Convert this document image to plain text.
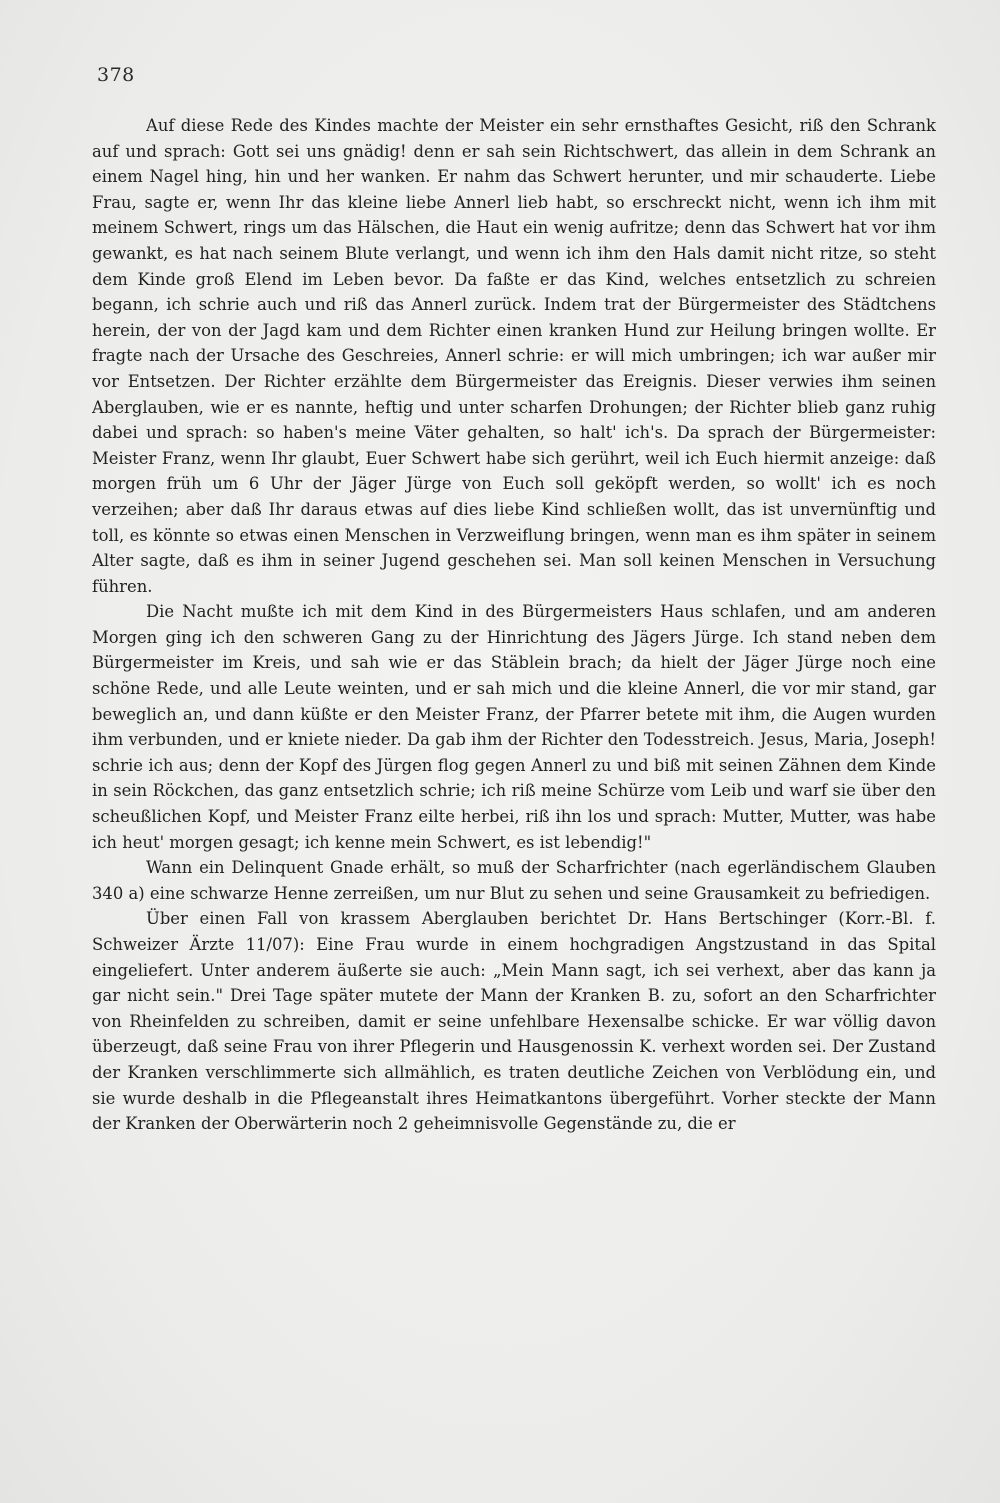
378

Auf diese Rede des Kindes machte der Meister ein sehr ernsthaftes Gesicht, riß den Schrank auf und sprach: Gott sei uns gnädig! denn er sah sein Richtschwert, das allein in dem Schrank an einem Nagel hing, hin und her wanken. Er nahm das Schwert herunter, und mir schauderte. Liebe Frau, sagte er, wenn Ihr das kleine liebe Annerl lieb habt, so erschreckt nicht, wenn ich ihm mit meinem Schwert, rings um das Hälschen, die Haut ein wenig aufritze; denn das Schwert hat vor ihm gewankt, es hat nach seinem Blute verlangt, und wenn ich ihm den Hals damit nicht ritze, so steht dem Kinde groß Elend im Leben bevor. Da faßte er das Kind, welches entsetzlich zu schreien begann, ich schrie auch und riß das Annerl zurück. Indem trat der Bürgermeister des Städtchens herein, der von der Jagd kam und dem Richter einen kranken Hund zur Heilung bringen wollte. Er fragte nach der Ursache des Geschreies, Annerl schrie: er will mich umbringen; ich war außer mir vor Entsetzen. Der Richter erzählte dem Bürgermeister das Ereignis. Dieser verwies ihm seinen Aberglauben, wie er es nannte, heftig und unter scharfen Drohungen; der Richter blieb ganz ruhig dabei und sprach: so haben's meine Väter gehalten, so halt' ich's. Da sprach der Bürgermeister: Meister Franz, wenn Ihr glaubt, Euer Schwert habe sich gerührt, weil ich Euch hiermit anzeige: daß morgen früh um 6 Uhr der Jäger Jürge von Euch soll geköpft werden, so wollt' ich es noch verzeihen; aber daß Ihr daraus etwas auf dies liebe Kind schließen wollt, das ist unvernünftig und toll, es könnte so etwas einen Menschen in Verzweiflung bringen, wenn man es ihm später in seinem Alter sagte, daß es ihm in seiner Jugend geschehen sei. Man soll keinen Menschen in Versuchung führen.

Die Nacht mußte ich mit dem Kind in des Bürgermeisters Haus schlafen, und am anderen Morgen ging ich den schweren Gang zu der Hinrichtung des Jägers Jürge. Ich stand neben dem Bürgermeister im Kreis, und sah wie er das Stäblein brach; da hielt der Jäger Jürge noch eine schöne Rede, und alle Leute weinten, und er sah mich und die kleine Annerl, die vor mir stand, gar beweglich an, und dann küßte er den Meister Franz, der Pfarrer betete mit ihm, die Augen wurden ihm verbunden, und er kniete nieder. Da gab ihm der Richter den Todesstreich. Jesus, Maria, Joseph! schrie ich aus; denn der Kopf des Jürgen flog gegen Annerl zu und biß mit seinen Zähnen dem Kinde in sein Röckchen, das ganz entsetzlich schrie; ich riß meine Schürze vom Leib und warf sie über den scheußlichen Kopf, und Meister Franz eilte herbei, riß ihn los und sprach: Mutter, Mutter, was habe ich heut' morgen gesagt; ich kenne mein Schwert, es ist lebendig!"

Wann ein Delinquent Gnade erhält, so muß der Scharfrichter (nach egerländischem Glauben 340 a) eine schwarze Henne zerreißen, um nur Blut zu sehen und seine Grausamkeit zu befriedigen.

Über einen Fall von krassem Aberglauben berichtet Dr. Hans Bertschinger (Korr.-Bl. f. Schweizer Ärzte 11/07): Eine Frau wurde in einem hochgradigen Angstzustand in das Spital eingeliefert. Unter anderem äußerte sie auch: „Mein Mann sagt, ich sei verhext, aber das kann ja gar nicht sein." Drei Tage später mutete der Mann der Kranken B. zu, sofort an den Scharfrichter von Rheinfelden zu schreiben, damit er seine unfehlbare Hexensalbe schicke. Er war völlig davon überzeugt, daß seine Frau von ihrer Pflegerin und Hausgenossin K. verhext worden sei. Der Zustand der Kranken verschlimmerte sich allmählich, es traten deutliche Zeichen von Verblödung ein, und sie wurde deshalb in die Pflegeanstalt ihres Heimatkantons übergeführt. Vorher steckte der Mann der Kranken der Oberwärterin noch 2 geheimnisvolle Gegenstände zu, die er
